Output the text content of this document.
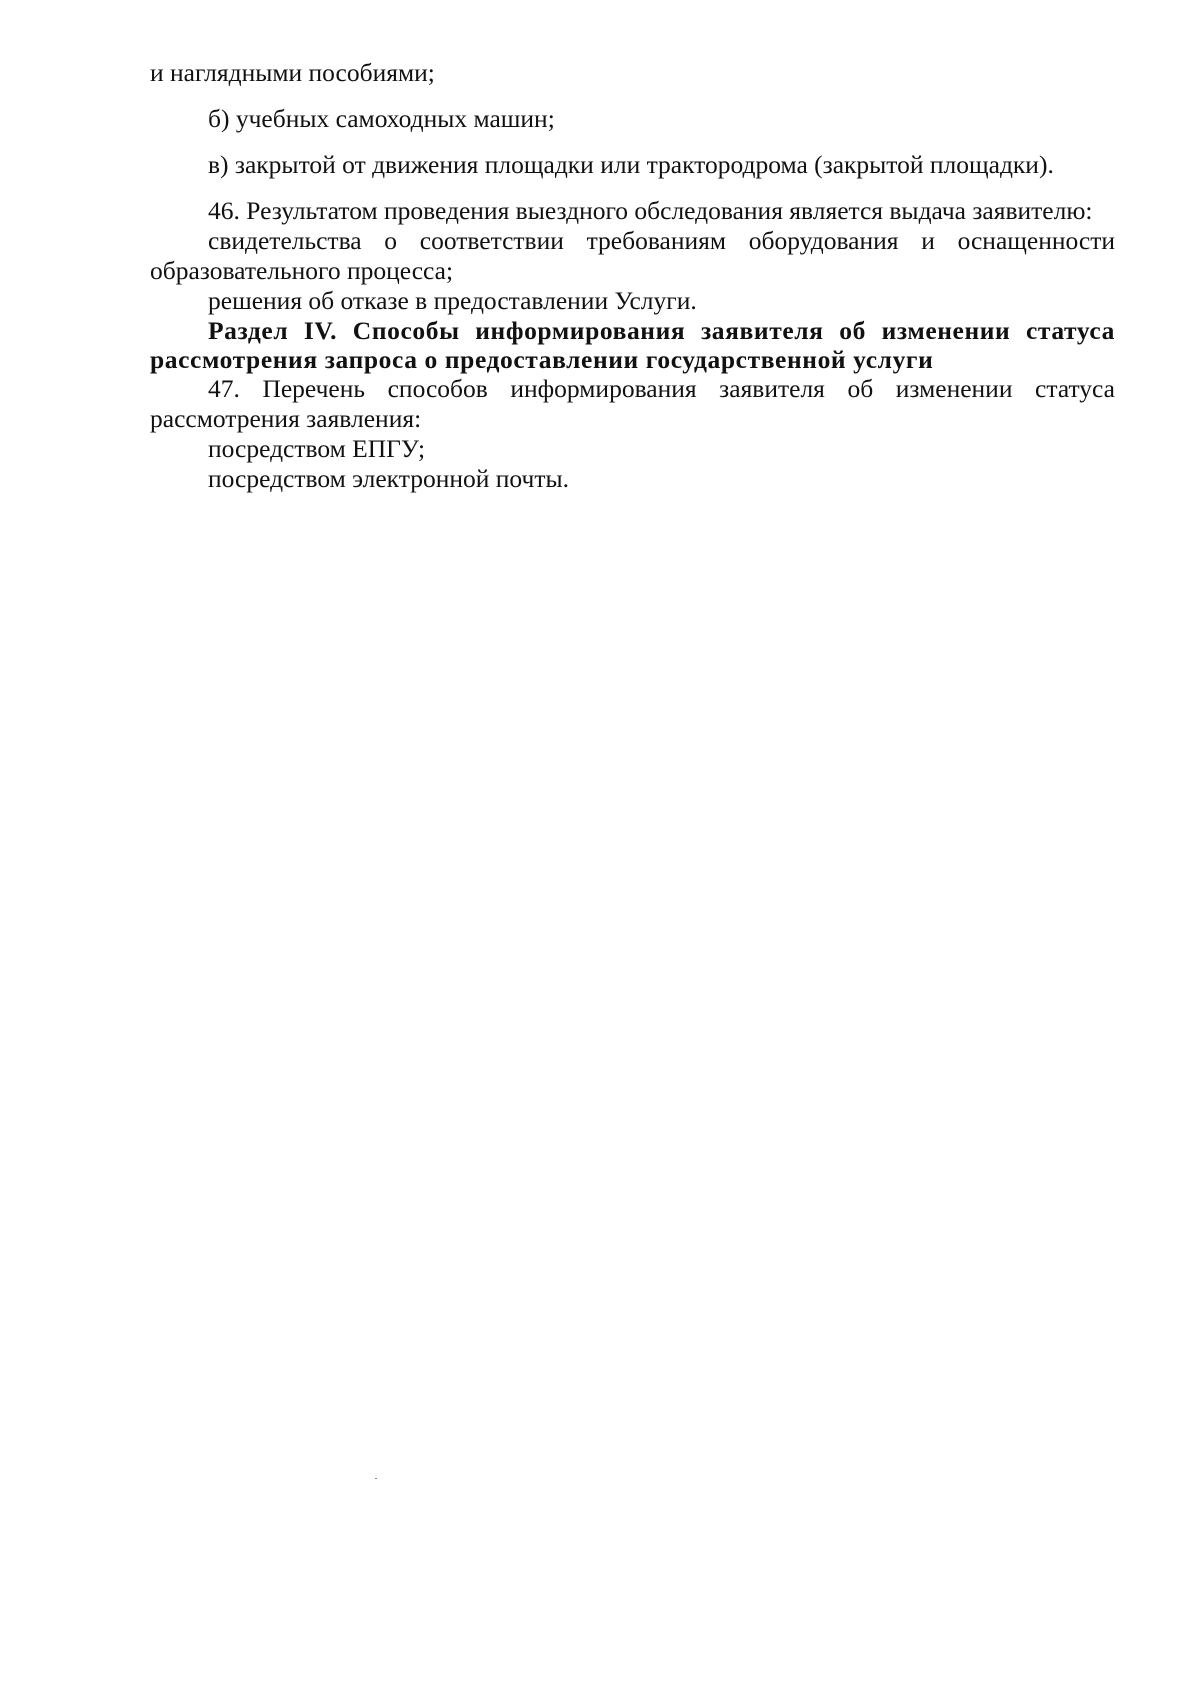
и наглядными пособиями;

б) учебных самоходных машин;

в) закрытой от движения площадки или трактородрома (закрытой площадки).

46. Результатом проведения выездного обследования является выдача заявителю:

свидетельства о соответствии требованиям оборудования и оснащенности образовательного процесса;

решения об отказе в предоставлении Услуги.

Раздел IV. Способы информирования заявителя об изменении статуса рассмотрения запроса о предоставлении государственной услуги

47. Перечень способов информирования заявителя об изменении статуса рассмотрения заявления:

посредством ЕПГУ;

посредством электронной почты.
